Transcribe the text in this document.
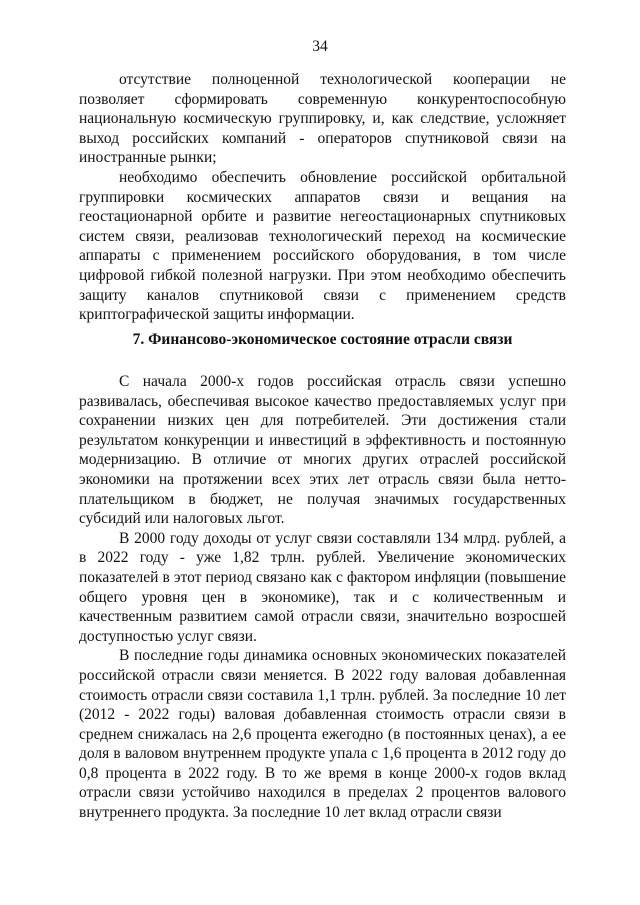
34

отсутствие полноценной технологической кооперации не позволяет сформировать современную конкурентоспособную национальную космическую группировку, и, как следствие, усложняет выход российских компаний - операторов спутниковой связи на иностранные рынки;

необходимо обеспечить обновление российской орбитальной группировки космических аппаратов связи и вещания на геостационарной орбите и развитие негеостационарных спутниковых систем связи, реализовав технологический переход на космические аппараты с применением российского оборудования, в том числе цифровой гибкой полезной нагрузки. При этом необходимо обеспечить защиту каналов спутниковой связи с применением средств криптографической защиты информации.

7. Финансово-экономическое состояние отрасли связи

С начала 2000-х годов российская отрасль связи успешно развивалась, обеспечивая высокое качество предоставляемых услуг при сохранении низких цен для потребителей. Эти достижения стали результатом конкуренции и инвестиций в эффективность и постоянную модернизацию. В отличие от многих других отраслей российской экономики на протяжении всех этих лет отрасль связи была нетто-плательщиком в бюджет, не получая значимых государственных субсидий или налоговых льгот.

В 2000 году доходы от услуг связи составляли 134 млрд. рублей, а в 2022 году - уже 1,82 трлн. рублей. Увеличение экономических показателей в этот период связано как с фактором инфляции (повышение общего уровня цен в экономике), так и с количественным и качественным развитием самой отрасли связи, значительно возросшей доступностью услуг связи.

В последние годы динамика основных экономических показателей российской отрасли связи меняется. В 2022 году валовая добавленная стоимость отрасли связи составила 1,1 трлн. рублей. За последние 10 лет (2012 - 2022 годы) валовая добавленная стоимость отрасли связи в среднем снижалась на 2,6 процента ежегодно (в постоянных ценах), а ее доля в валовом внутреннем продукте упала с 1,6 процента в 2012 году до 0,8 процента в 2022 году. В то же время в конце 2000-х годов вклад отрасли связи устойчиво находился в пределах 2 процентов валового внутреннего продукта. За последние 10 лет вклад отрасли связи
